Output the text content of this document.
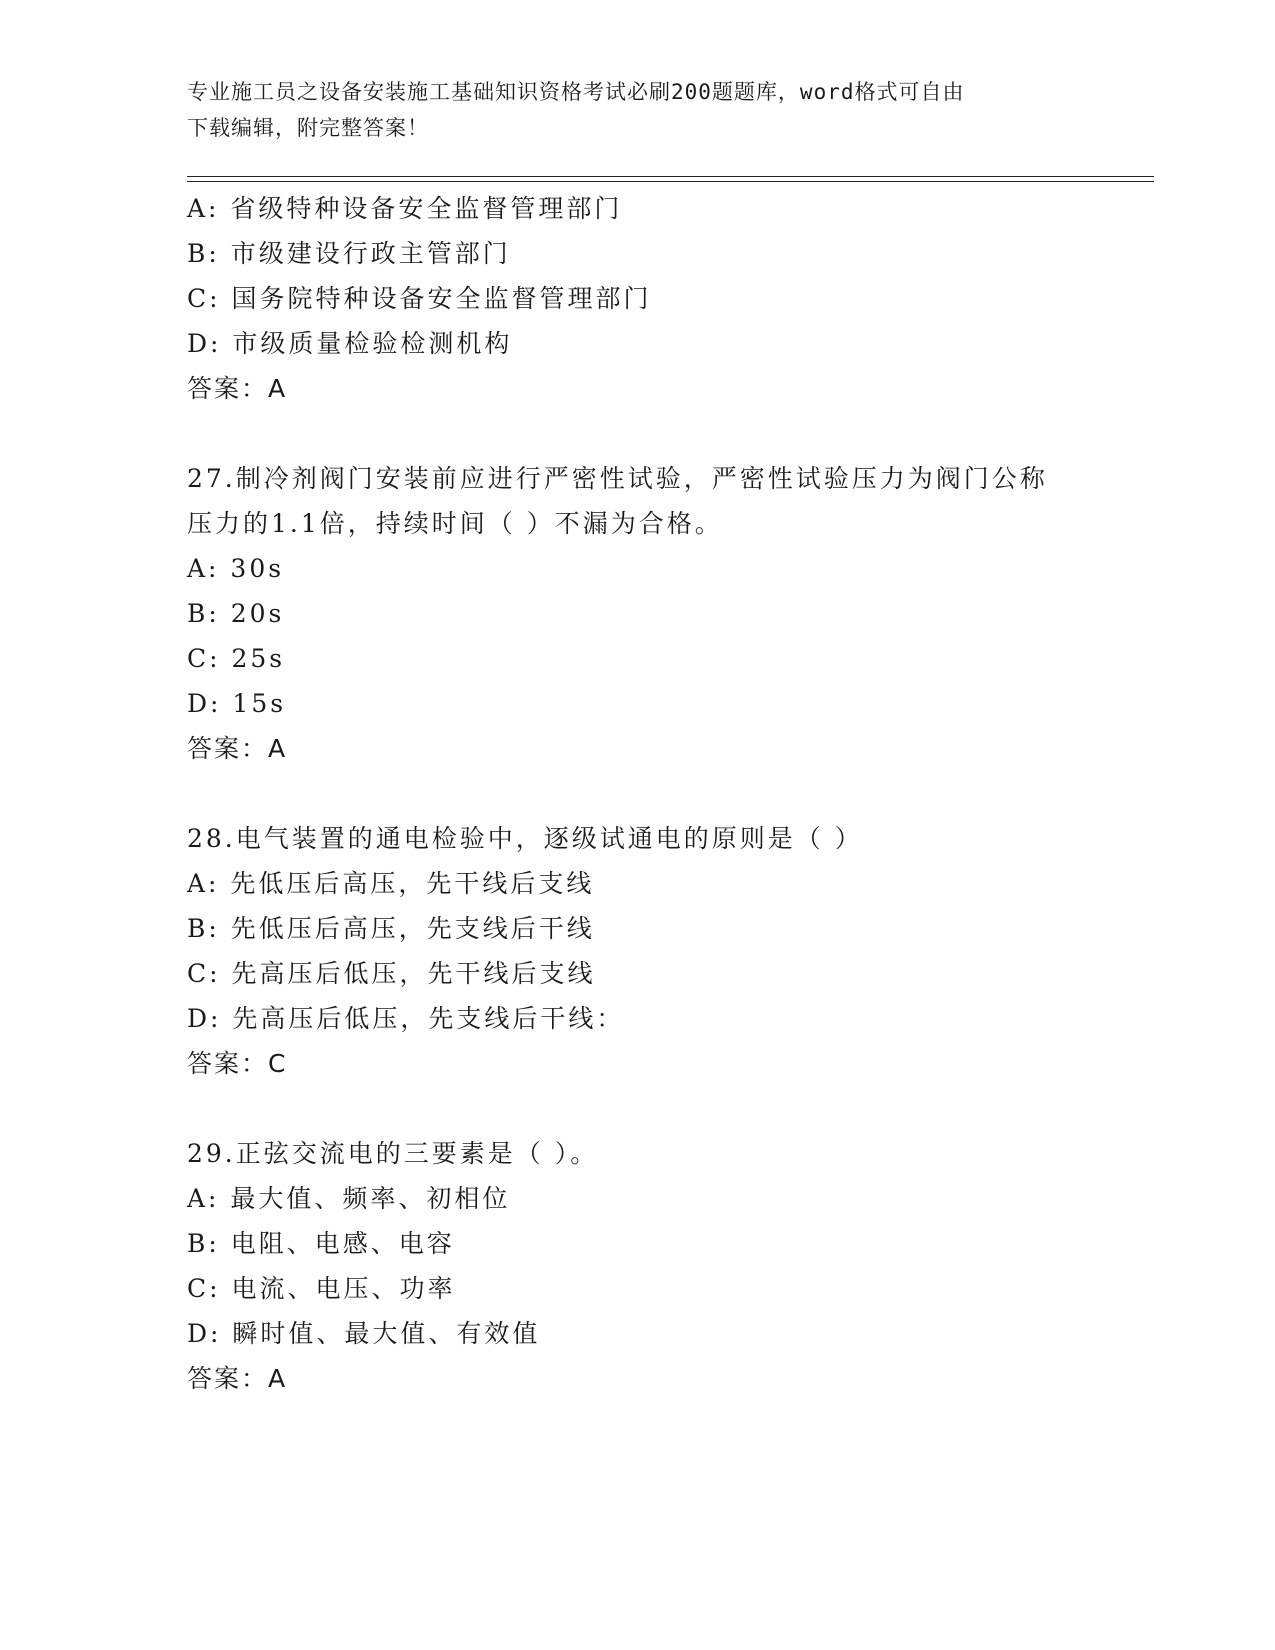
专业施工员之设备安装施工基础知识资格考试必刷200题题库，word格式可自由
下载编辑，附完整答案！
A: 省级特种设备安全监督管理部门
B: 市级建设行政主管部门
C: 国务院特种设备安全监督管理部门
D: 市级质量检验检测机构
答案：A
27.制冷剂阀门安装前应进行严密性试验，严密性试验压力为阀门公称
压力的1.1倍，持续时间（ ）不漏为合格。
A: 30s
B: 20s
C: 25s
D: 15s
答案：A
28.电气装置的通电检验中，逐级试通电的原则是（ ）
A: 先低压后高压，先干线后支线
B: 先低压后高压，先支线后干线
C: 先高压后低压，先干线后支线
D: 先高压后低压，先支线后干线：
答案：C
29.正弦交流电的三要素是（ ）。
A: 最大值、频率、初相位
B: 电阻、电感、电容
C: 电流、电压、功率
D: 瞬时值、最大值、有效值
答案：A
